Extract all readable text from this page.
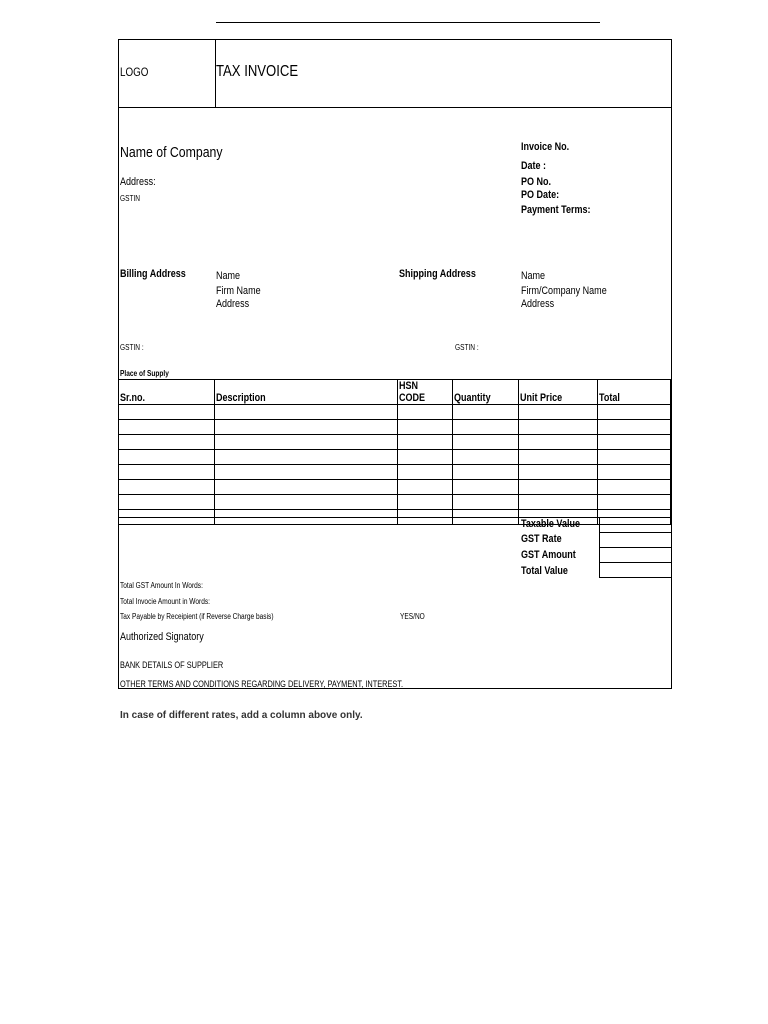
LOGO	TAX INVOICE
Name of Company
Address:
GSTIN
Invoice No.
Date :
PO No.
PO Date:
Payment Terms:
Billing Address	Name
Firm Name
Address
Shipping Address	Name
Firm/Company Name
Address
GSTIN :	GSTIN :
Place of Supply
Sr.no.	Description	HSN CODE	Quantity	Unit Price	Total

Taxable Value
GST Rate
GST Amount
Total Value

Total GST Amount In Words:
Total Invocie Amount in Words:
Tax Payable by Receipient (if Reverse Charge basis)	YES/NO
Authorized Signatory
BANK DETAILS OF SUPPLIER
OTHER TERMS AND CONDITIONS REGARDING DELIVERY, PAYMENT, INTEREST.
In case of different rates, add a column above only.
